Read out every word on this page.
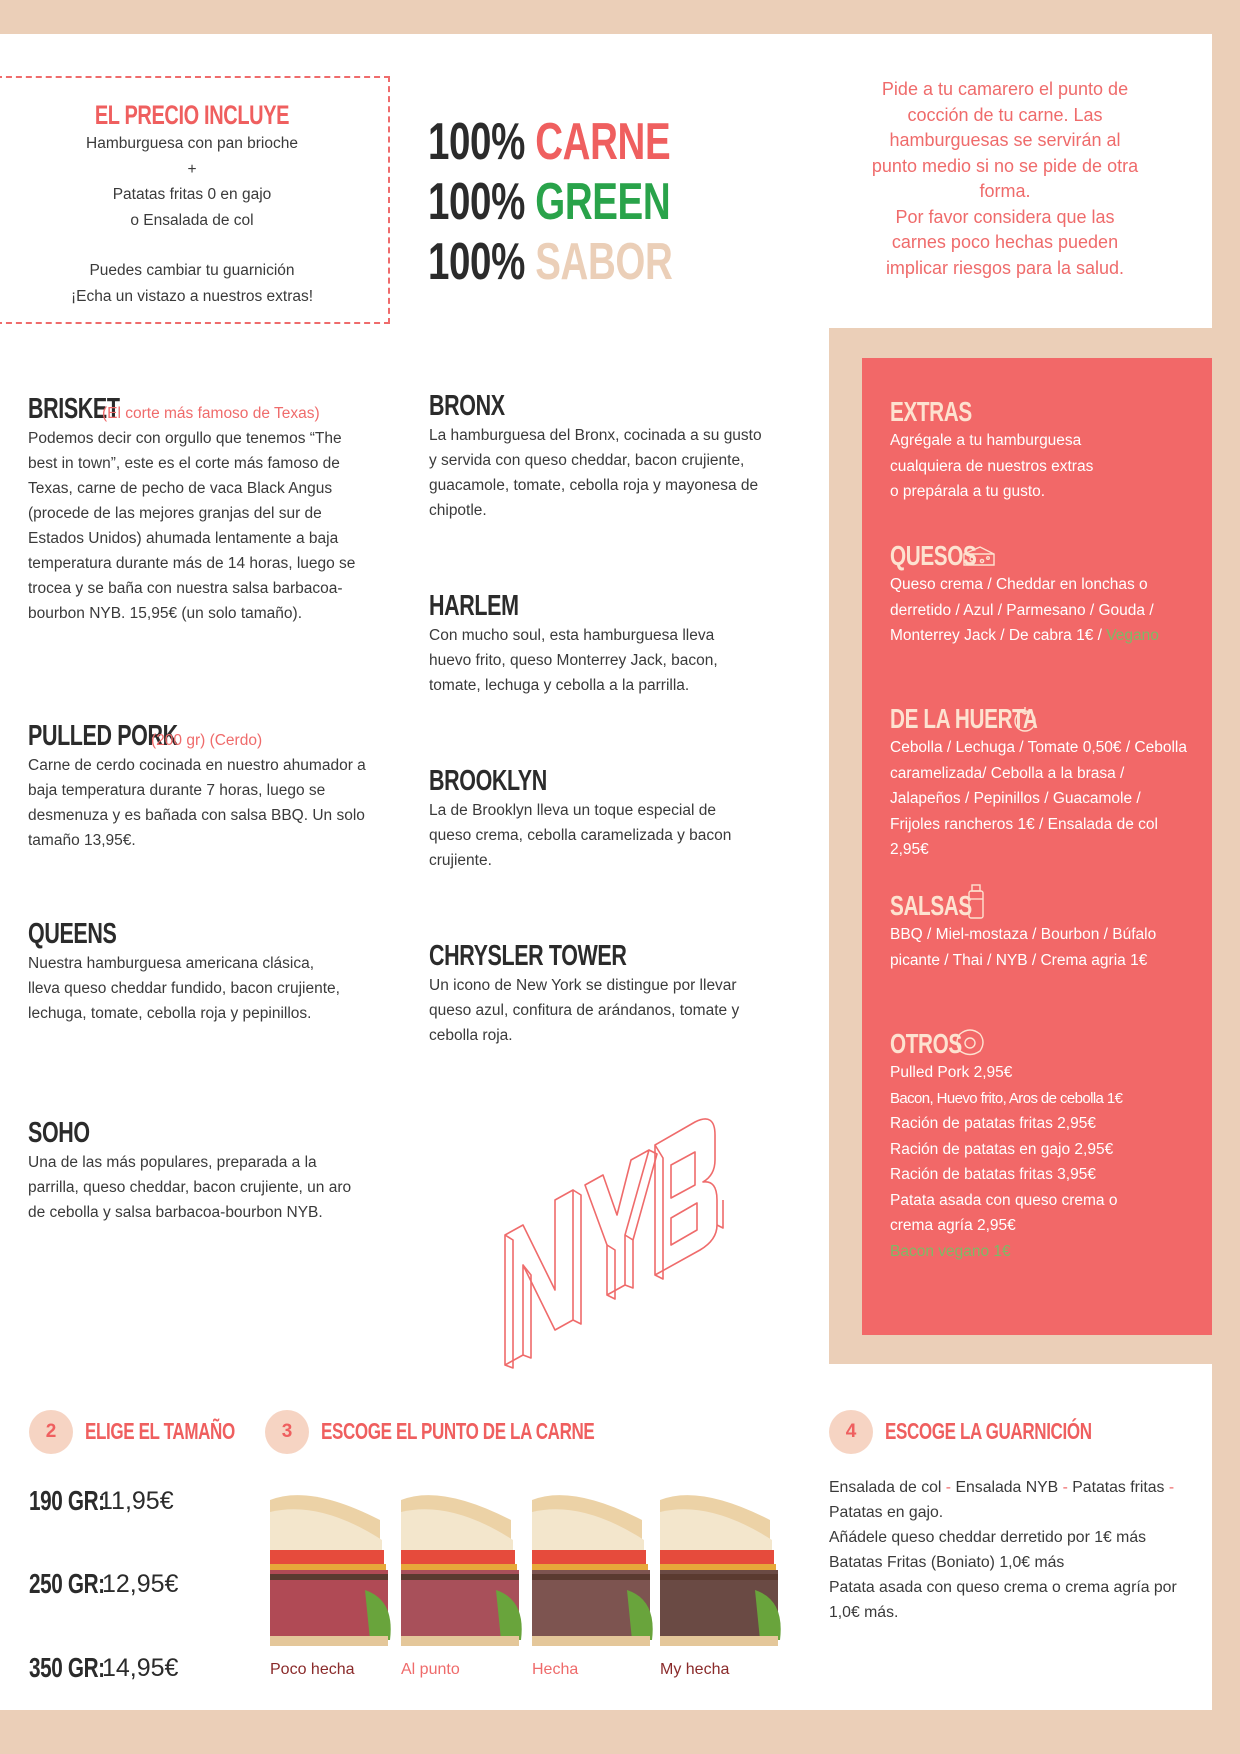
EL PRECIO INCLUYE
Hamburguesa con pan brioche
+
Patatas fritas 0 en gajo
o Ensalada de col
Puedes cambiar tu guarnición
¡Echa un vistazo a nuestros extras!
100% CARNE
100% GREEN
100% SABOR
Pide a tu camarero el punto de cocción de tu carne. Las hamburguesas se servirán al punto medio si no se pide de otra forma.
Por favor considera que las carnes poco hechas pueden implicar riesgos para la salud.
BRISKET
(El corte más famoso de Texas)
Podemos decir con orgullo que tenemos “The best in town”, este es el corte más famoso de Texas, carne de pecho de vaca Black Angus (procede de las mejores granjas del sur de Estados Unidos) ahumada lentamente a baja temperatura durante más de 14 horas, luego se trocea y se baña con nuestra salsa barbacoa-bourbon NYB. 15,95€ (un solo tamaño).
PULLED PORK
(200 gr) (Cerdo)
Carne de cerdo cocinada en nuestro ahumador a baja temperatura durante 7 horas, luego se desmenuza y es bañada con salsa BBQ. Un solo tamaño 13,95€.
QUEENS
Nuestra hamburguesa americana clásica, lleva queso cheddar fundido, bacon crujiente, lechuga, tomate, cebolla roja y pepinillos.
SOHO
Una de las más populares, preparada a la parrilla, queso cheddar, bacon crujiente, un aro de cebolla y salsa barbacoa-bourbon NYB.
BRONX
La hamburguesa del Bronx, cocinada a su gusto y servida con queso cheddar, bacon crujiente, guacamole, tomate, cebolla roja y mayonesa de chipotle.
HARLEM
Con mucho soul, esta hamburguesa lleva huevo frito, queso Monterrey Jack, bacon, tomate, lechuga y cebolla a la parrilla.
BROOKLYN
La de Brooklyn lleva un toque especial de queso crema, cebolla caramelizada y bacon crujiente.
CHRYSLER TOWER
Un icono de New York se distingue por llevar queso azul, confitura de arándanos, tomate y cebolla roja.
EXTRAS
Agrégale a tu hamburguesa
cualquiera de nuestros extras
o prepárala a tu gusto.
QUESOS
Queso crema / Cheddar en lonchas o derretido / Azul / Parmesano / Gouda / Monterrey Jack / De cabra 1€ / Vegano
DE LA HUERTA
Cebolla / Lechuga / Tomate 0,50€ / Cebolla caramelizada/ Cebolla a la brasa / Jalapeños / Pepinillos / Guacamole / Frijoles rancheros 1€ / Ensalada de col 2,95€
SALSAS
BBQ / Miel-mostaza / Bourbon / Búfalo picante / Thai / NYB / Crema agria 1€
OTROS
Pulled Pork 2,95€
Bacon, Huevo frito, Aros de cebolla 1€
Ración de patatas fritas 2,95€
Ración de patatas en gajo 2,95€
Ración de batatas fritas 3,95€
Patata asada con queso crema o
crema agría 2,95€
Bacon vegano 1€
2	ELIGE EL TAMAÑO
190 GR:
11,95€
250 GR:
12,95€
350 GR:
14,95€
3	ESCOGE EL PUNTO DE LA CARNE
Poco hecha	Al punto	Hecha	My hecha
4	ESCOGE LA GUARNICIÓN
Ensalada de col - Ensalada NYB - Patatas fritas -
Patatas en gajo.
Añádele queso cheddar derretido por 1€ más
Batatas Fritas (Boniato) 1,0€ más
Patata asada con queso crema o crema agría por 1,0€ más.
